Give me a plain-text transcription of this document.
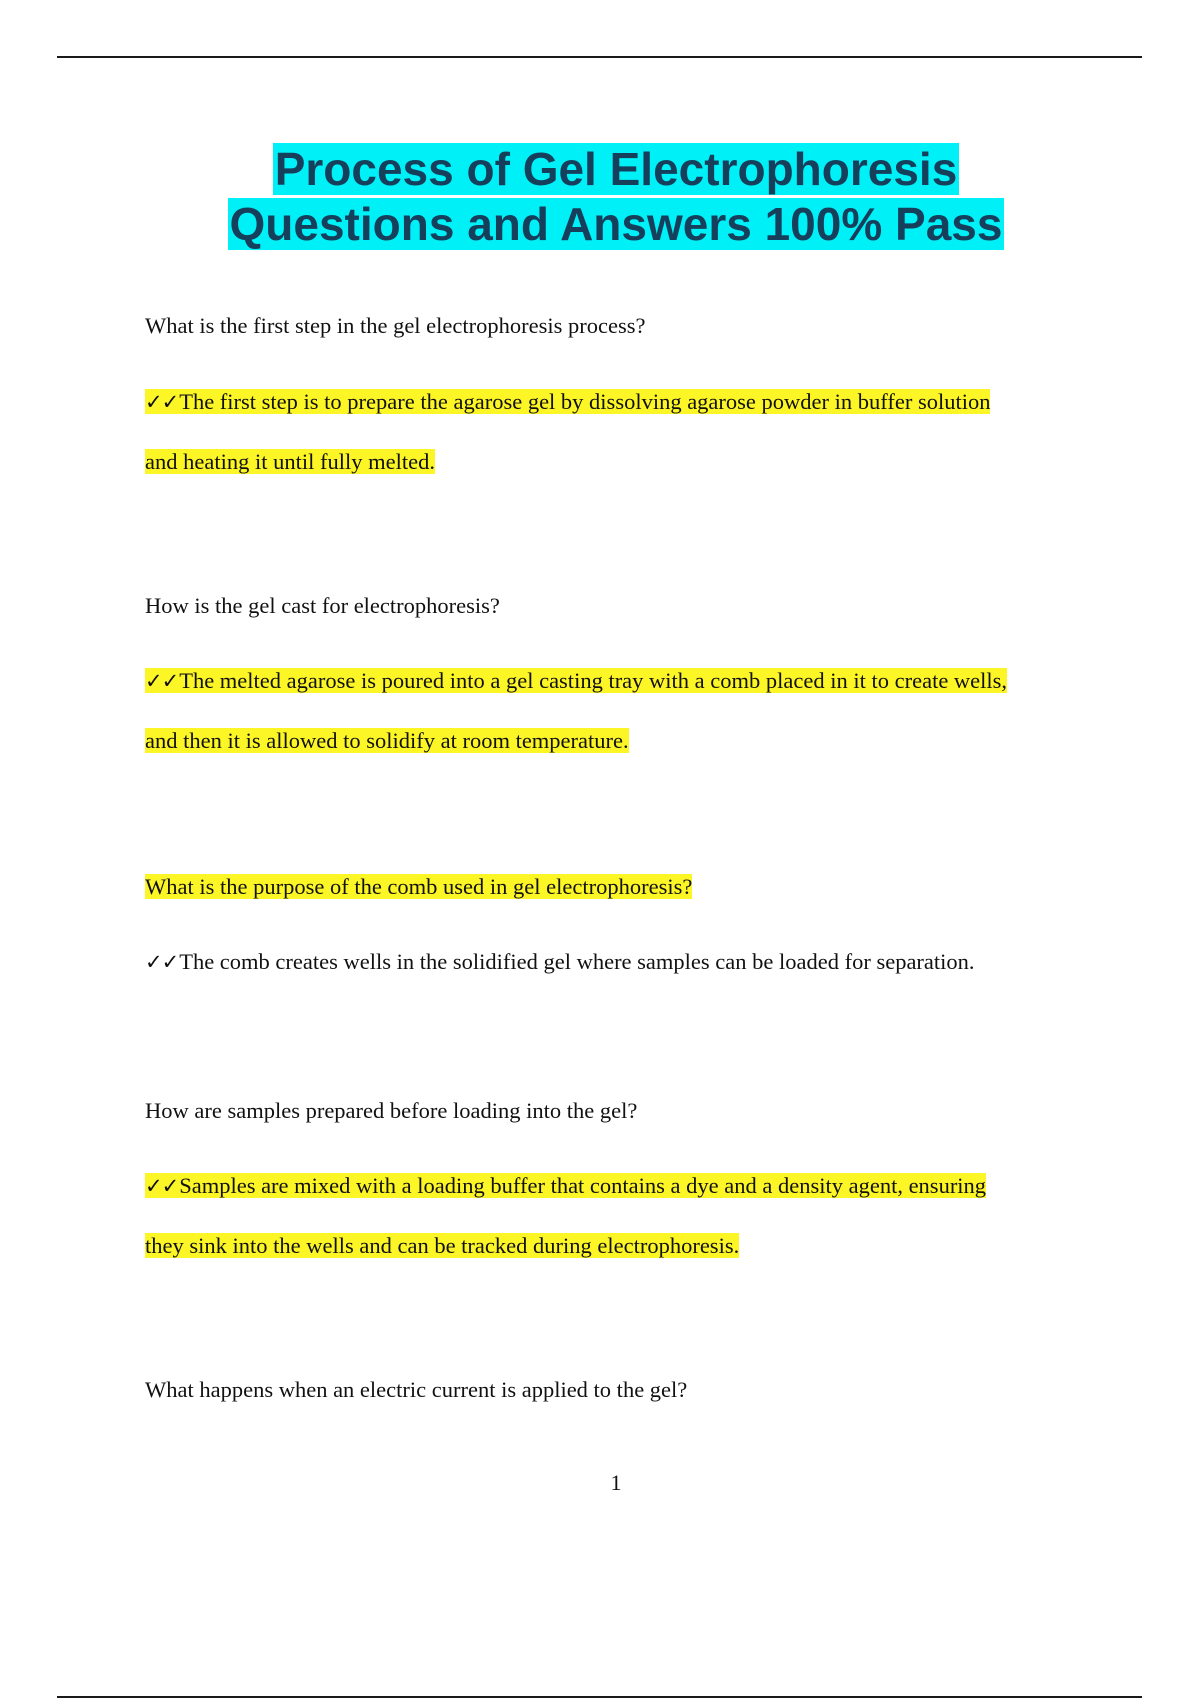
Process of Gel Electrophoresis
Questions and Answers 100% Pass
What is the first step in the gel electrophoresis process?
✓✓The first step is to prepare the agarose gel by dissolving agarose powder in buffer solution
and heating it until fully melted.
How is the gel cast for electrophoresis?
✓✓The melted agarose is poured into a gel casting tray with a comb placed in it to create wells,
and then it is allowed to solidify at room temperature.
What is the purpose of the comb used in gel electrophoresis?
✓✓The comb creates wells in the solidified gel where samples can be loaded for separation.
How are samples prepared before loading into the gel?
✓✓Samples are mixed with a loading buffer that contains a dye and a density agent, ensuring
they sink into the wells and can be tracked during electrophoresis.
What happens when an electric current is applied to the gel?
1
